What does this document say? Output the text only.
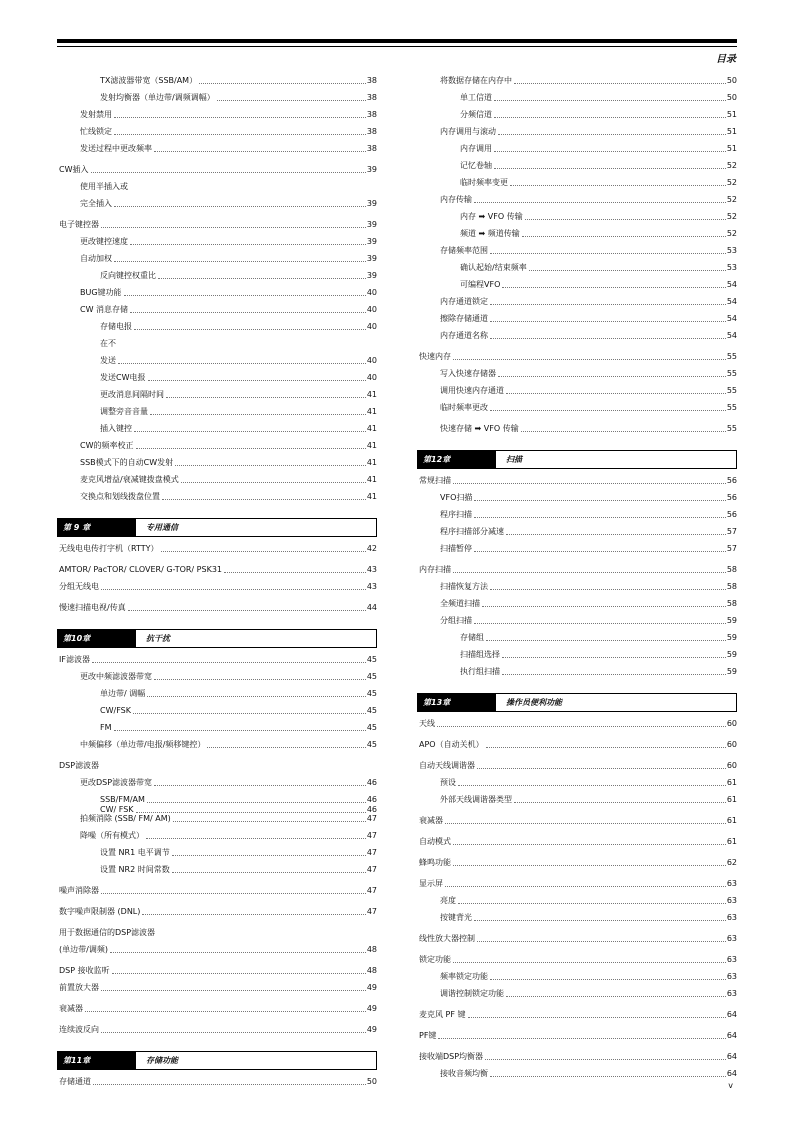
目录
TX滤波器带宽（SSB/AM）	38
发射均衡器（单边带/调频调幅）	38
发射禁用	38
忙线锁定	38
发送过程中更改频率	38
CW插入	39
使用半插入或
完全插入	39
电子键控器	39
更改键控速度	39
自动加权	39
反向键控权重比	39
BUG键功能	40
CW 消息存储	40
存储电报	40
在不
发送	40
发送CW电报	40
更改消息间隔时间	41
调整旁音音量	41
插入键控	41
CW的频率校正	41
SSB模式下的自动CW发射	41
麦克风增益/衰减键拨盘模式	41
交换点和划线拨盘位置	41
第 9 章	专用通信
无线电电传打字机（RTTY）	42
AMTOR/ PacTOR/ CLOVER/ G-TOR/ PSK31	43
分组无线电	43
慢速扫描电视/传真	44
第10章	抗干扰
IF滤波器	45
更改中频滤波器带宽	45
单边带/ 调幅	45
CW/FSK	45
FM	45
中频偏移（单边带/电报/频移键控）	45
DSP滤波器
更改DSP滤波器带宽	46
SSB/FM/AM	46
CW/ FSK	46
拍频消除 (SSB/ FM/ AM)	47
降噪（所有模式）	47
设置 NR1 电平调节	47
设置 NR2 时间常数	47
噪声消除器	47
数字噪声限制器 (DNL)	47
用于数据通信的DSP滤波器
(单边带/调频)	48
DSP 接收监听	48
前置放大器	49
衰减器	49
连续波反向	49
第11章	存储功能
存储通道	50
将数据存储在内存中	50
单工信道	50
分频信道	51
内存调用与滚动	51
内存调用	51
记忆卷轴	52
临时频率变更	52
内存传输	52
内存 ➡ VFO 传输	52
频道 ➡ 频道传输	52
存储频率范围	53
确认起始/结束频率	53
可编程VFO	54
内存通道锁定	54
擦除存储通道	54
内存通道名称	54
快速内存	55
写入快速存储器	55
调用快速内存通道	55
临时频率更改	55
快速存储 ➡ VFO 传输	55
第12章	扫描
常规扫描	56
VFO扫描	56
程序扫描	56
程序扫描部分减速	57
扫描暂停	57
内存扫描	58
扫描恢复方法	58
全频道扫描	58
分组扫描	59
存储组	59
扫描组选择	59
执行组扫描	59
第13章	操作员便利功能
天线	60
APO（自动关机）	60
自动天线调谐器	60
预设	61
外部天线调谐器类型	61
衰减器	61
自动模式	61
蜂鸣功能	62
显示屏	63
亮度	63
按键背光	63
线性放大器控制	63
锁定功能	63
频率锁定功能	63
调谐控制锁定功能	63
麦克风 PF 键	64
PF键	64
接收端DSP均衡器	64
接收音频均衡	64
v
